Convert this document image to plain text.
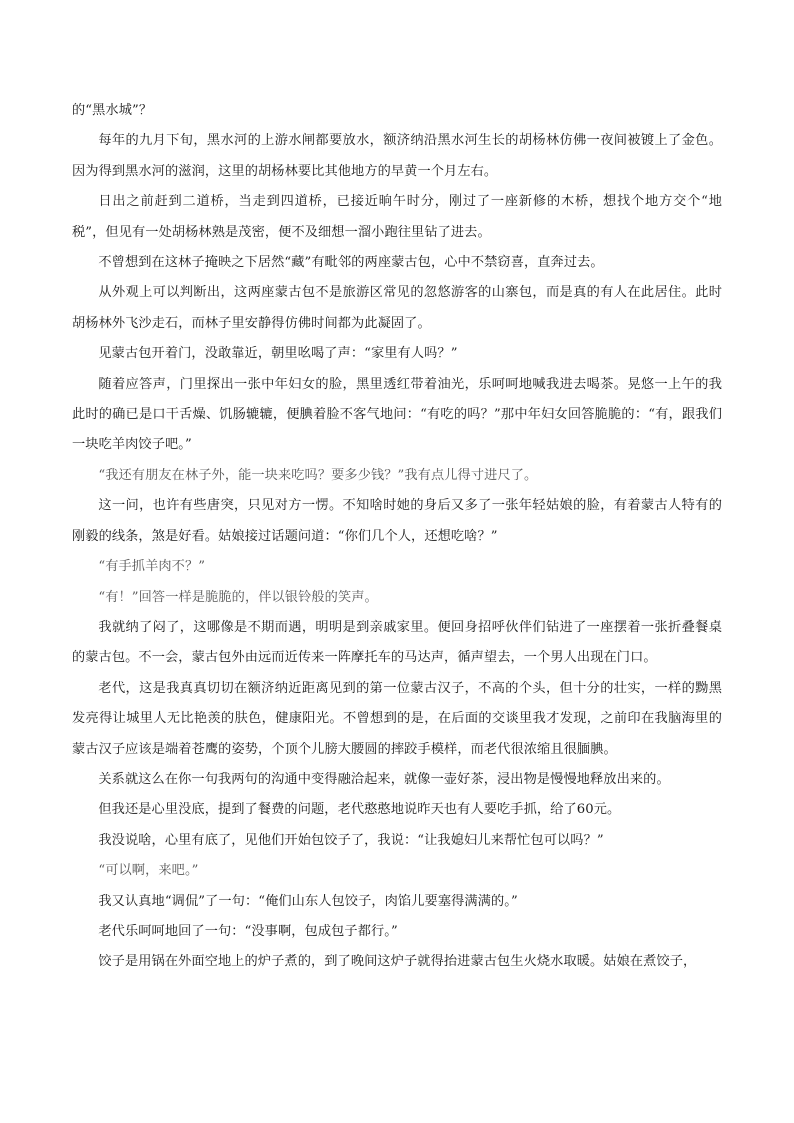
的“黑水城”？

每年的九月下旬，黑水河的上游水闸都要放水，额济纳沿黑水河生长的胡杨林仿佛一夜间被镀上了金色。因为得到黑水河的滋润，这里的胡杨林要比其他地方的早黄一个月左右。

日出之前赶到二道桥，当走到四道桥，已接近晌午时分，刚过了一座新修的木桥，想找个地方交个“地税”，但见有一处胡杨林熟是茂密，便不及细想一溜小跑往里钻了进去。

不曾想到在这林子掩映之下居然“藏”有毗邻的两座蒙古包，心中不禁窃喜，直奔过去。

从外观上可以判断出，这两座蒙古包不是旅游区常见的忽悠游客的山寨包，而是真的有人在此居住。此时胡杨林外飞沙走石，而林子里安静得仿佛时间都为此凝固了。

见蒙古包开着门，没敢靠近，朝里吆喝了声：“家里有人吗？”

随着应答声，门里探出一张中年妇女的脸，黑里透红带着油光，乐呵呵地喊我进去喝茶。晃悠一上午的我此时的确已是口干舌燥、饥肠辘辘，便腆着脸不客气地问：“有吃的吗？”那中年妇女回答脆脆的：“有，跟我们一块吃羊肉饺子吧。”

“我还有朋友在林子外，能一块来吃吗？要多少钱？”我有点儿得寸进尺了。

这一问，也许有些唐突，只见对方一愣。不知啥时她的身后又多了一张年轻姑娘的脸，有着蒙古人特有的刚毅的线条，煞是好看。姑娘接过话题问道：“你们几个人，还想吃啥？”

“有手抓羊肉不？”

“有！”回答一样是脆脆的，伴以银铃般的笑声。

我就纳了闷了，这哪像是不期而遇，明明是到亲戚家里。便回身招呼伙伴们钻进了一座摆着一张折叠餐桌的蒙古包。不一会，蒙古包外由远而近传来一阵摩托车的马达声，循声望去，一个男人出现在门口。

老代，这是我真真切切在额济纳近距离见到的第一位蒙古汉子，不高的个头，但十分的壮实，一样的黝黑发亮得让城里人无比艳羡的肤色，健康阳光。不曾想到的是，在后面的交谈里我才发现，之前印在我脑海里的蒙古汉子应该是端着苍鹰的姿势，个顶个儿膀大腰圆的摔跤手模样，而老代很浓缩且很腼腆。

关系就这么在你一句我两句的沟通中变得融洽起来，就像一壶好茶，浸出物是慢慢地释放出来的。

但我还是心里没底，提到了餐费的问题，老代憨憨地说昨天也有人要吃手抓，给了60元。

我没说啥，心里有底了，见他们开始包饺子了，我说：“让我媳妇儿来帮忙包可以吗？”

“可以啊，来吧。”

我又认真地“调侃”了一句：“俺们山东人包饺子，肉馅儿要塞得满满的。”

老代乐呵呵地回了一句：“没事啊，包成包子都行。”

饺子是用锅在外面空地上的炉子煮的，到了晚间这炉子就得抬进蒙古包生火烧水取暖。姑娘在煮饺子，
